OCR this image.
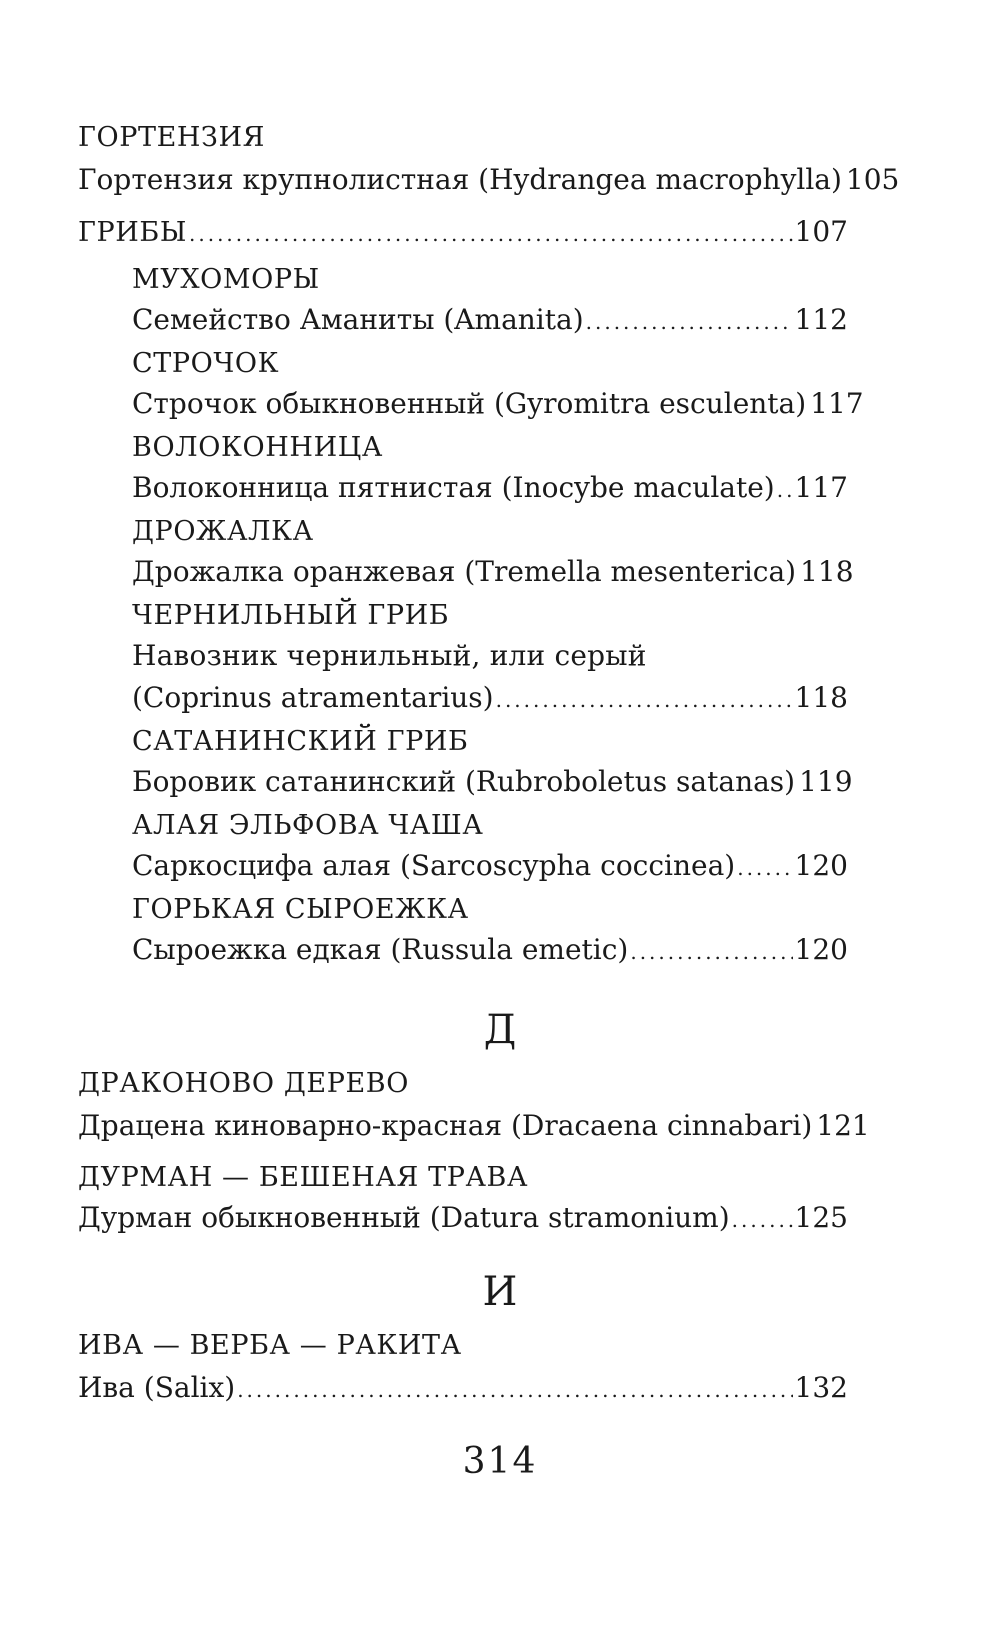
ГОРТЕНЗИЯ
Гортензия крупнолистная (Hydrangea macrophylla) 105
ГРИБЫ .....	107
МУХОМОРЫ
Семейство Аманиты (Amanita) .....	112
СТРОЧОК
Строчок обыкновенный (Gyromitra esculenta) 117
ВОЛОКОННИЦА
Волоконница пятнистая (Inocybe maculate) ..... 117
ДРОЖАЛКА
Дрожалка оранжевая (Tremella mesenterica) 118
ЧЕРНИЛЬНЫЙ ГРИБ
Навозник чернильный, или серый
(Coprinus atramentarius) .....	118
САТАНИНСКИЙ ГРИБ
Боровик сатанинский (Rubroboletus satanas) 119
АЛАЯ ЭЛЬФОВА ЧАША
Саркосцифа алая (Sarcoscypha coccinea) ..... 120
ГОРЬКАЯ СЫРОЕЖКА
Сыроежка едкая (Russula emetic) .....	120
Д
ДРАКОНОВО ДЕРЕВО
Драцена киноварно-красная (Dracaena cinnabari) 121
ДУРМАН — БЕШЕНАЯ ТРАВА
Дурман обыкновенный (Datura stramonium) ..... 125
И
ИВА — ВЕРБА — РАКИТА
Ива (Salix) .....	132
314
